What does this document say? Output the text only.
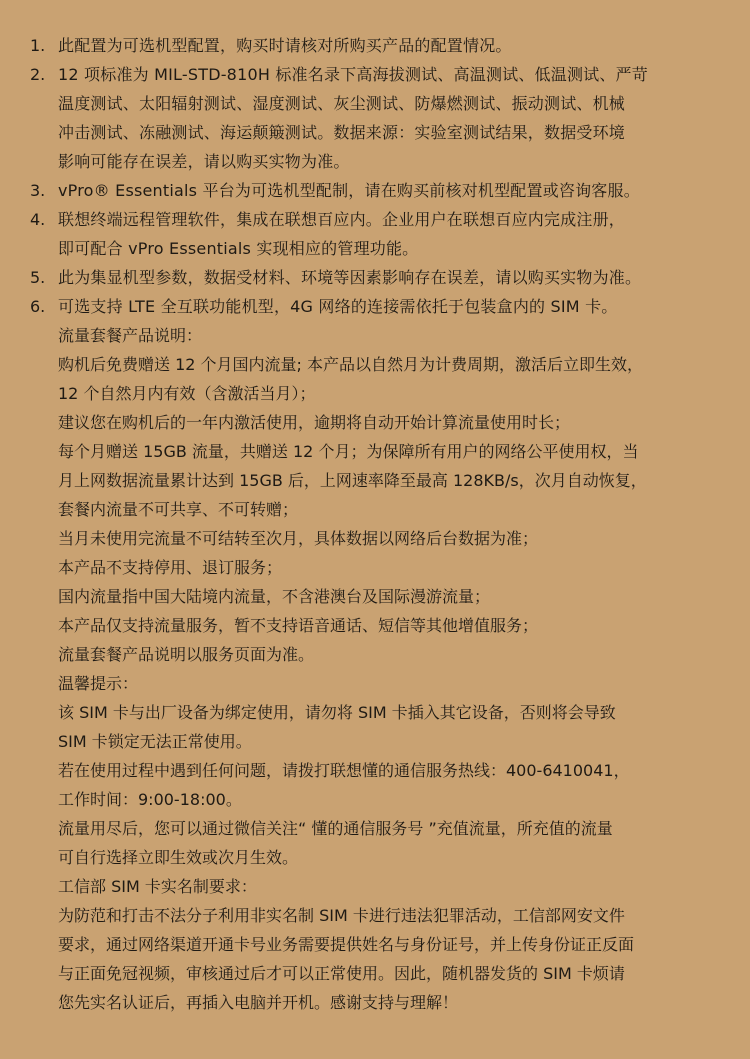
1. 此配置为可选机型配置，购买时请核对所购买产品的配置情况。
2. 12 项标准为 MIL-STD-810H 标准名录下高海拔测试、高温测试、低温测试、严苛
温度测试、太阳辐射测试、湿度测试、灰尘测试、防爆燃测试、振动测试、机械
冲击测试、冻融测试、海运颠簸测试。数据来源：实验室测试结果，数据受环境
影响可能存在误差，请以购买实物为准。
3. vPro® Essentials 平台为可选机型配制，请在购买前核对机型配置或咨询客服。
4. 联想终端远程管理软件，集成在联想百应内。企业用户在联想百应内完成注册，
即可配合 vPro Essentials 实现相应的管理功能。
5. 此为集显机型参数，数据受材料、环境等因素影响存在误差，请以购买实物为准。
6. 可选支持 LTE 全互联功能机型，4G 网络的连接需依托于包装盒内的 SIM 卡。
流量套餐产品说明：
购机后免费赠送 12 个月国内流量; 本产品以自然月为计费周期，激活后立即生效，
12 个自然月内有效（含激活当月）；
建议您在购机后的一年内激活使用，逾期将自动开始计算流量使用时长；
每个月赠送 15GB 流量，共赠送 12 个月；为保障所有用户的网络公平使用权，当
月上网数据流量累计达到 15GB 后，上网速率降至最高 128KB/s，次月自动恢复，
套餐内流量不可共享、不可转赠；
当月未使用完流量不可结转至次月，具体数据以网络后台数据为准；
本产品不支持停用、退订服务；
国内流量指中国大陆境内流量，不含港澳台及国际漫游流量；
本产品仅支持流量服务，暂不支持语音通话、短信等其他增值服务；
流量套餐产品说明以服务页面为准。
温馨提示：
该 SIM 卡与出厂设备为绑定使用，请勿将 SIM 卡插入其它设备，否则将会导致
SIM 卡锁定无法正常使用。
若在使用过程中遇到任何问题，请拨打联想懂的通信服务热线：400-6410041，
工作时间：9:00-18:00。
流量用尽后，您可以通过微信关注“ 懂的通信服务号 ”充值流量，所充值的流量
可自行选择立即生效或次月生效。
工信部 SIM 卡实名制要求：
为防范和打击不法分子利用非实名制 SIM 卡进行违法犯罪活动，工信部网安文件
要求，通过网络渠道开通卡号业务需要提供姓名与身份证号，并上传身份证正反面
与正面免冠视频，审核通过后才可以正常使用。因此，随机器发货的 SIM 卡烦请
您先实名认证后，再插入电脑并开机。感谢支持与理解！
